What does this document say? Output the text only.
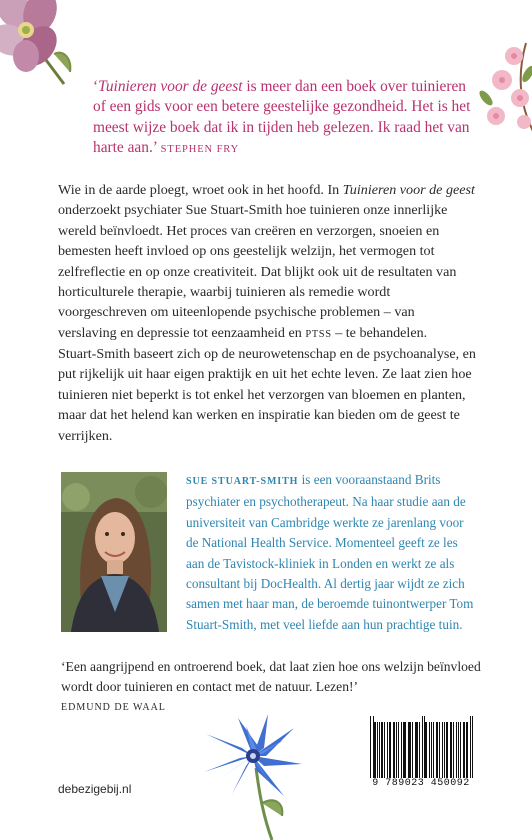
‘Tuinieren voor de geest is meer dan een boek over tuinieren of een gids voor een betere geestelijke gezondheid. Het is het meest wijze boek dat ik in tijden heb gelezen. Ik raad het van harte aan.’ STEPHEN FRY
Wie in de aarde ploegt, wroet ook in het hoofd. In Tuinieren voor de geest onderzoekt psychiater Sue Stuart-Smith hoe tuinieren onze innerlijke wereld beïnvloedt. Het proces van creëren en verzorgen, snoeien en bemesten heeft invloed op ons geestelijk welzijn, het vermogen tot zelfreflectie en op onze creativiteit. Dat blijkt ook uit de resultaten van horticulturele therapie, waarbij tuinieren als remedie wordt voorgeschreven om uiteenlopende psychische problemen – van verslaving en depressie tot eenzaamheid en PTSS – te behandelen.
Stuart-Smith baseert zich op de neurowetenschap en de psychoanalyse, en put rijkelijk uit haar eigen praktijk en uit het echte leven. Ze laat zien hoe tuinieren niet beperkt is tot enkel het verzorgen van bloemen en planten, maar dat het helend kan werken en inspiratie kan bieden om de geest te verrijken.
SUE STUART-SMITH is een vooraanstaand Brits psychiater en psychotherapeut. Na haar studie aan de universiteit van Cambridge werkte ze jarenlang voor de National Health Service. Momenteel geeft ze les aan de Tavistock-kliniek in Londen en werkt ze als consultant bij DocHealth. Al dertig jaar wijdt ze zich samen met haar man, de beroemde tuinontwerper Tom Stuart-Smith, met veel liefde aan hun prachtige tuin.
‘Een aangrijpend en ontroerend boek, dat laat zien hoe ons welzijn beïnvloed wordt door tuinieren en contact met de natuur. Lezen!’
EDMUND DE WAAL
debezigebij.nl	9 789023 450092
